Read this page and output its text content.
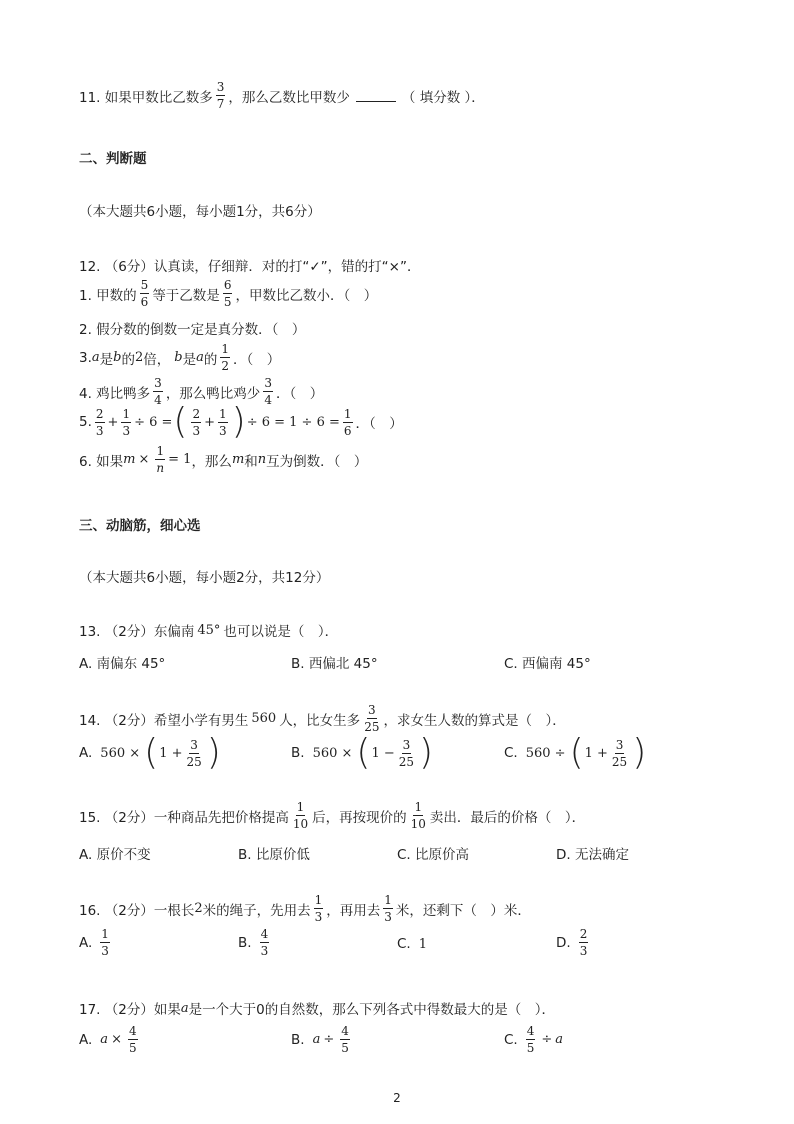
11. 如果甲数比乙数多 $\frac{3}{7}$ ，那么乙数比甲数少	（ 填分数 ）．
二、判断题
（本大题共6小题，每小题1分，共6分）
12. （6分）认真读，仔细辩．对的打“✓”，错的打“×”．
1. 甲数的 $\frac{5}{6}$ 等于乙数是 $\frac{6}{5}$ ，甲数比乙数小．（　）
2. 假分数的倒数一定是真分数．（　）
3. a 是 b 的 2 倍， b 是 a 的 $\frac{1}{2}$ ．（　）
4. 鸡比鸭多 $\frac{3}{4}$ ，那么鸭比鸡少 $\frac{3}{4}$ ．（　）
5. $\frac{2}{3} + \frac{1}{3} \div 6$ = ( $\frac{2}{3} + \frac{1}{3}$ ) ÷ $6 = 1 \div 6 = \frac{1}{6}$ ．（　）
6. 如果 $m \times \frac{1}{n} = 1$ ，那么 m 和 n 互为倒数．（　）
三、动脑筋，细心选
（本大题共6小题，每小题2分，共12分）
13. （2分）东偏南 45° 也可以说是（　）．
A. 南偏东 45°	B. 西偏北 45°	C. 西偏南 45°
14. （2分）希望小学有男生 560 人，比女生多 $\frac{3}{25}$ ，求女生人数的算式是（　）．
A. 560 × ( $1 + \frac{3}{25}$ )	B. 560 × ( $1 - \frac{3}{25}$ )	C. 560 ÷ ( $1 + \frac{3}{25}$ )
15. （2分）一种商品先把价格提高 $\frac{1}{10}$ 后，再按现价的 $\frac{1}{10}$ 卖出．最后的价格（　）．
A. 原价不变	B. 比原价低	C. 比原价高	D. 无法确定
16. （2分）一根长 2 米的绳子，先用去 $\frac{1}{3}$ ，再用去 $\frac{1}{3}$ 米，还剩下（　）米．
A. $\frac{1}{3}$	B. $\frac{4}{3}$	C. 1	D. $\frac{2}{3}$
17. （2分）如果 a 是一个大于0的自然数，那么下列各式中得数最大的是（　）．
A. $a \times \frac{4}{5}$	B. $a \div \frac{4}{5}$	C. $\frac{4}{5} \div a$
2
